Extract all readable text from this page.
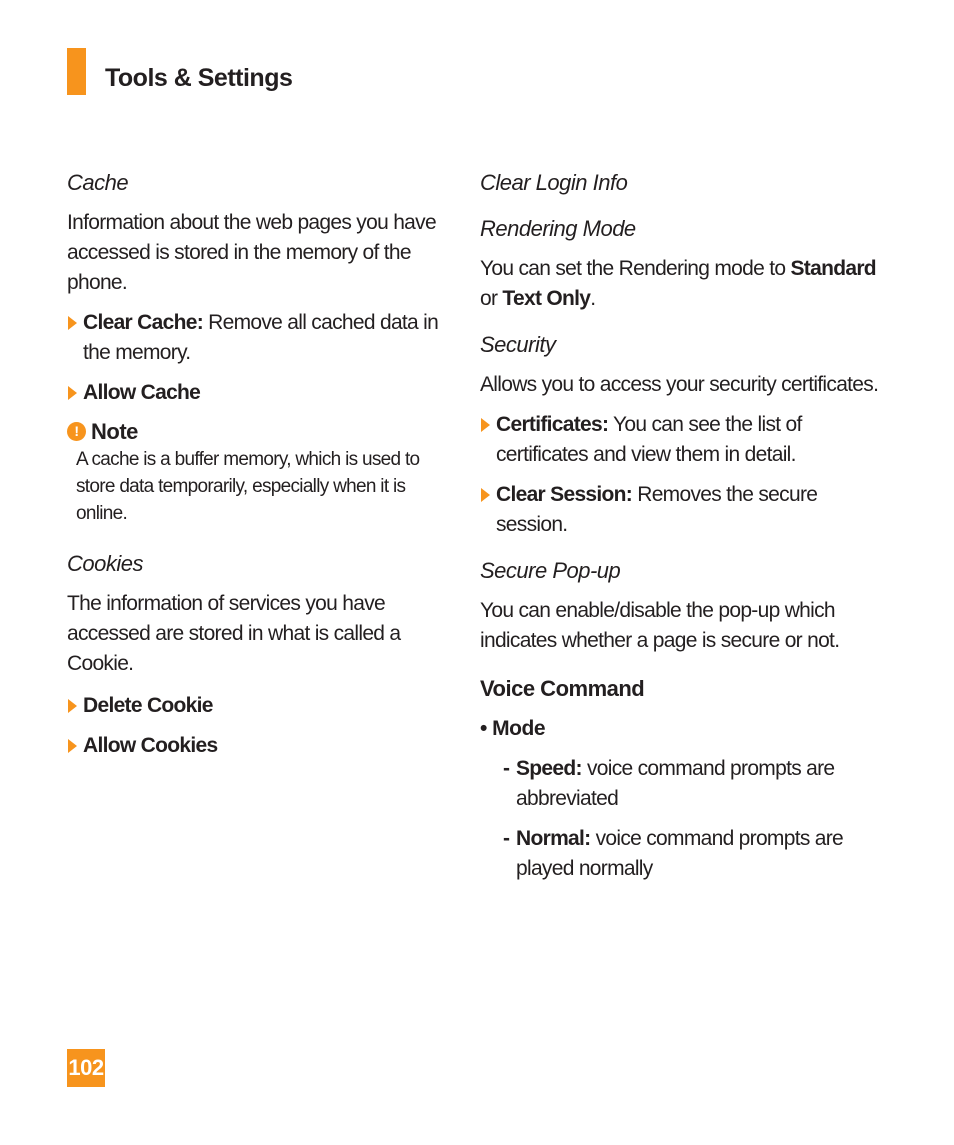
Tools & Settings
Cache
Information about the web pages you have accessed is stored in the memory of the phone.
Clear Cache: Remove all cached data in the memory.
Allow Cache
! Note
A cache is a buffer memory, which is used to store data temporarily, especially when it is online.
Cookies
The information of services you have accessed are stored in what is called a Cookie.
Delete Cookie
Allow Cookies
Clear Login Info
Rendering Mode
You can set the Rendering mode to Standard or Text Only.
Security
Allows you to access your security certificates.
Certificates: You can see the list of certificates and view them in detail.
Clear Session: Removes the secure session.
Secure Pop-up
You can enable/disable the pop-up which indicates whether a page is secure or not.
Voice Command
• Mode
- Speed: voice command prompts are abbreviated
- Normal: voice command prompts are played normally
102
